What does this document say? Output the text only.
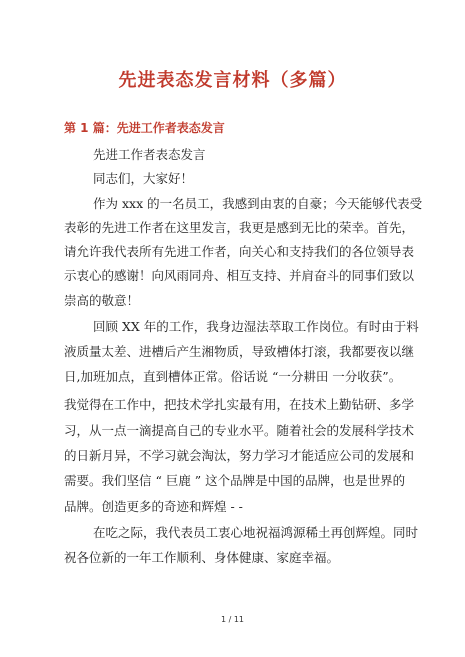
先进表态发言材料（多篇）
第 1 篇：先进工作者表态发言
先进工作者表态发言
同志们，大家好！
作为 xxx 的一名员工，我感到由衷的自豪；今天能够代表受
表彰的先进工作者在这里发言，我更是感到无比的荣幸。首先，
请允许我代表所有先进工作者，向关心和支持我们的各位领导表
示衷心的感谢！向风雨同舟、相互支持、并肩奋斗的同事们致以
崇高的敬意！
回顾 XX 年的工作，我身边湿法萃取工作岗位。有时由于料
液质量太差、进槽后产生湘物质，导致槽体打滚，我都要夜以继
日,加班加点，直到槽体正常。俗话说 “一分耕田 一分收获”。
我觉得在工作中，把技术学扎实最有用，在技术上勤钻研、多学
习，从一点一滴提高自己的专业水平。随着社会的发展科学技术
的日新月异，不学习就会淘汰，努力学习才能适应公司的发展和
需要。我们坚信 “ 巨鹿 ” 这个品牌是中国的品牌，也是世界的
品牌。创造更多的奇迹和辉煌 - -
在吃之际，我代表员工衷心地祝福鸿源稀土再创辉煌。同时
祝各位新的一年工作顺利、身体健康、家庭幸福。
1 / 11
